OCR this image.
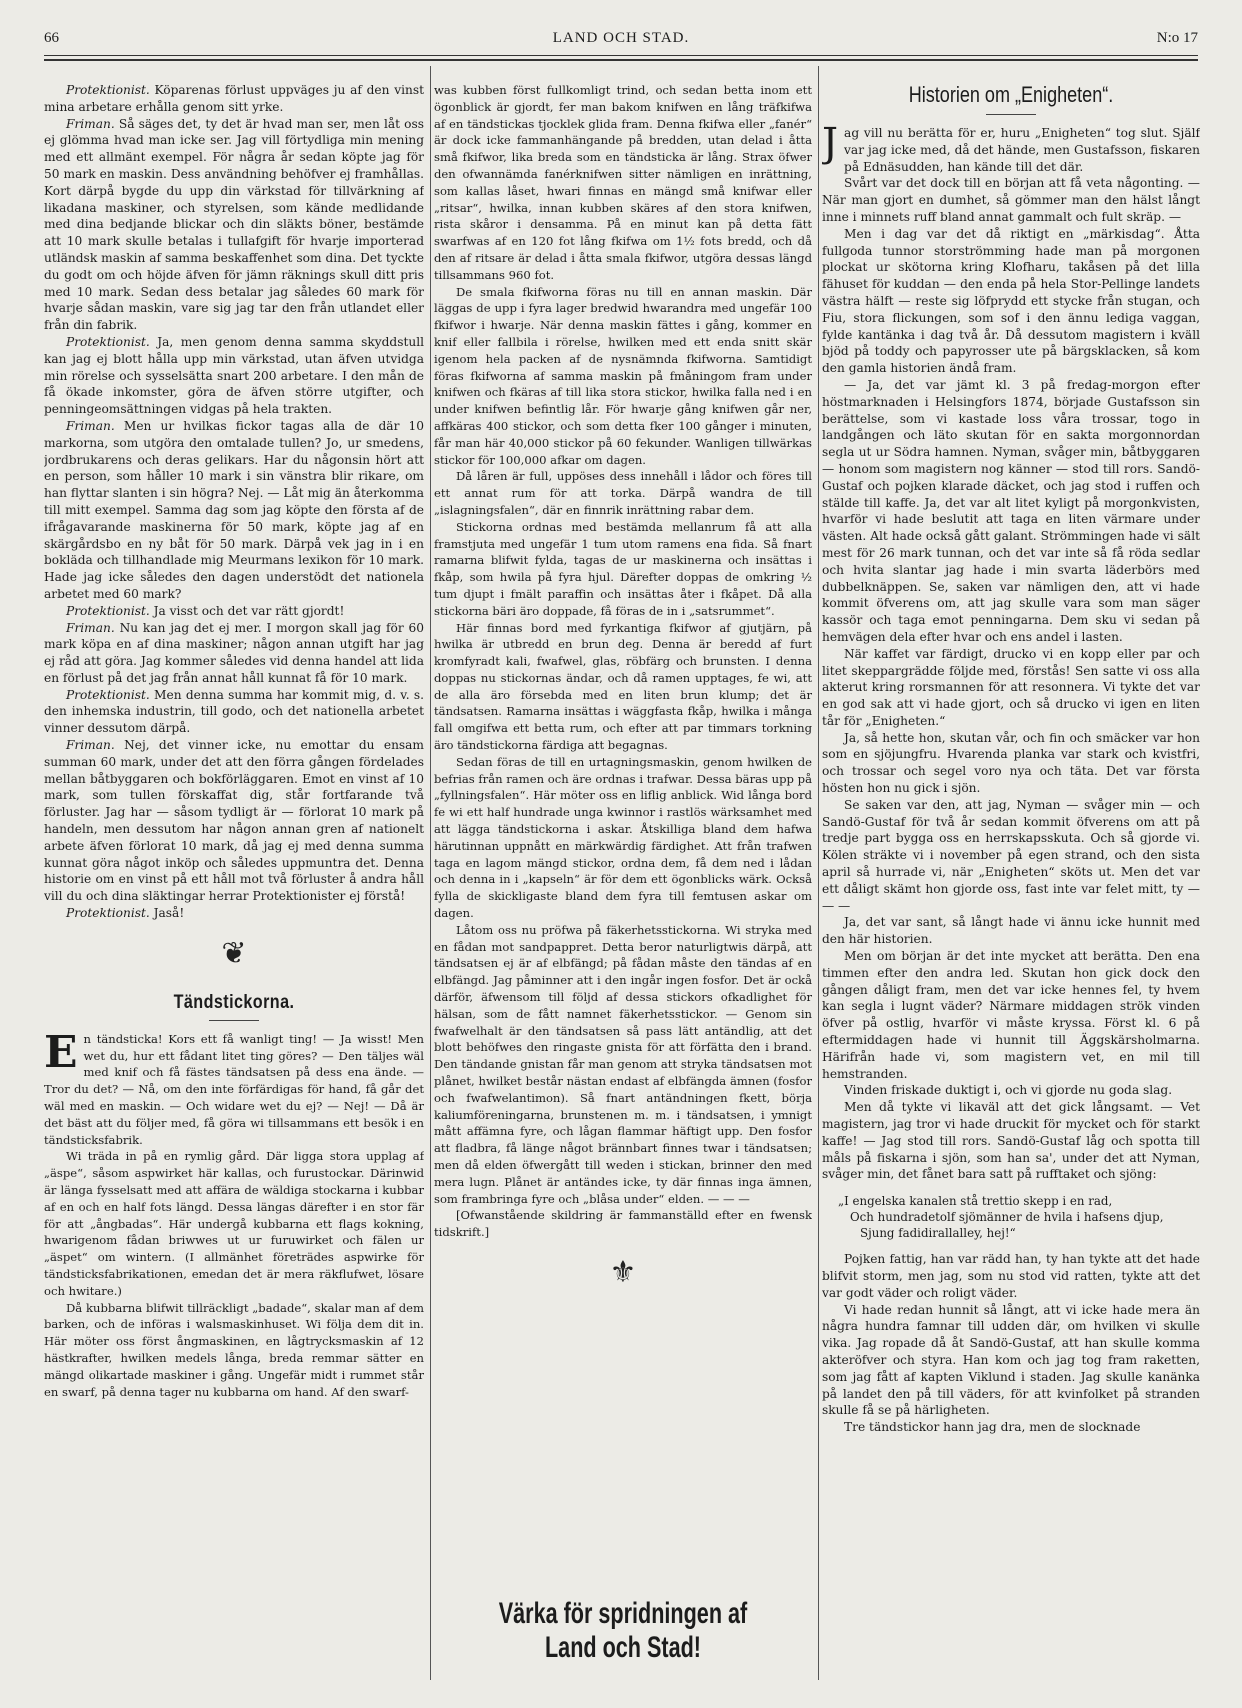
66	LAND OCH STAD.	N:o 17

Protektionist. Köparenas förlust uppväges ju af den vinst mina arbetare erhålla genom sitt yrke.

Friman. Så säges det, ty det är hvad man ser, men låt oss ej glömma hvad man icke ser. Jag vill förtydliga min mening med ett allmänt exempel. För några år sedan köpte jag för 50 mark en maskin. Dess användning behöfver ej framhållas. Kort därpå bygde du upp din värkstad för tillvärkning af likadana maskiner, och styrelsen, som kände medlidande med dina bedjande blickar och din släkts böner, bestämde att 10 mark skulle betalas i tullafgift för hvarje importerad utländsk maskin af samma beskaffenhet som dina. Det tyckte du godt om och höjde äfven för jämn räknings skull ditt pris med 10 mark. Sedan dess betalar jag således 60 mark för hvarje sådan maskin, vare sig jag tar den från utlandet eller från din fabrik.

Protektionist. Ja, men genom denna samma skyddstull kan jag ej blott hålla upp min värkstad, utan äfven utvidga min rörelse och sysselsätta snart 200 arbetare. I den mån de få ökade inkomster, göra de äfven större utgifter, och penningeomsättningen vidgas på hela trakten.

Friman. Men ur hvilkas fickor tagas alla de där 10 markorna, som utgöra den omtalade tullen? Jo, ur smedens, jordbrukarens och deras gelikars. Har du någonsin hört att en person, som håller 10 mark i sin vänstra blir rikare, om han flyttar slanten i sin högra? Nej. — Låt mig än återkomma till mitt exempel. Samma dag som jag köpte den första af de ifrågavarande maskinerna för 50 mark, köpte jag af en skärgårdsbo en ny båt för 50 mark. Därpå vek jag in i en bokläda och tillhandlade mig Meurmans lexikon för 10 mark. Hade jag icke således den dagen understödt det nationela arbetet med 60 mark?

Protektionist. Ja visst och det var rätt gjordt!

Friman. Nu kan jag det ej mer. I morgon skall jag för 60 mark köpa en af dina maskiner; någon annan utgift har jag ej råd att göra. Jag kommer således vid denna handel att lida en förlust på det jag från annat håll kunnat få för 10 mark.

Protektionist. Men denna summa har kommit mig, d. v. s. den inhemska industrin, till godo, och det nationella arbetet vinner dessutom därpå.

Friman. Nej, det vinner icke, nu emottar du ensam summan 60 mark, under det att den förra gången fördelades mellan båtbyggaren och bokförläggaren. Emot en vinst af 10 mark, som tullen förskaffat dig, står fortfarande två förluster. Jag har — såsom tydligt är — förlorat 10 mark på handeln, men dessutom har någon annan gren af nationelt arbete äfven förlorat 10 mark, då jag ej med denna summa kunnat göra något inköp och således uppmuntra det. Denna historie om en vinst på ett håll mot två förluster å andra håll vill du och dina släktingar herrar Protektionister ej förstå!

Protektionist. Jaså!

❦
Tändstickorna.

En tändsticka! Kors ett få wanligt ting! — Ja wisst! Men wet du, hur ett fådant litet ting göres? — Den täljes wäl med knif och få fästes tändsatsen på dess ena ände. — Tror du det? — Nå, om den inte förfärdigas för hand, få går det wäl med en maskin. — Och widare wet du ej? — Nej! — Då är det bäst att du följer med, få göra wi tillsammans ett besök i en tändsticksfabrik.

Wi träda in på en rymlig gård. Där ligga stora upplag af „äspe“, såsom aspwirket här kallas, och furustockar. Därinwid är länga fysselsatt med att affära de wäldiga stockarna i kubbar af en och en half fots längd. Dessa längas därefter i en stor fär för att „ångbadas“. Här undergå kubbarna ett flags kokning, hwarigenom fådan briwwes ut ur furuwirket och fälen ur „äspet“ om wintern. (I allmänhet företrädes aspwirke för tändsticksfabrikationen, emedan det är mera räkflufwet, lösare och hwitare.)

Då kubbarna blifwit tillräckligt „badade“, skalar man af dem barken, och de införas i walsmaskinhuset. Wi följa dem dit in. Här möter oss först ångmaskinen, en lågtrycksmaskin af 12 hästkrafter, hwilken medels långa, breda remmar sätter en mängd olikartade maskiner i gång. Ungefär midt i rummet står en swarf, på denna tager nu kubbarna om hand. Af den swarf-

was kubben först fullkomligt trind, och sedan betta inom ett ögonblick är gjordt, fer man bakom knifwen en lång träfkifwa af en tändstickas tjocklek glida fram. Denna fkifwa eller „fanér“ är dock icke fammanhängande på bredden, utan delad i åtta små fkifwor, lika breda som en tändsticka är lång. Strax öfwer den ofwannämda fanérknifwen sitter nämligen en inrättning, som kallas låset, hwari finnas en mängd små knifwar eller „ritsar“, hwilka, innan kubben skäres af den stora knifwen, rista skåror i densamma. På en minut kan på detta fätt swarfwas af en 120 fot lång fkifwa om 1½ fots bredd, och då den af ritsare är delad i åtta smala fkifwor, utgöra dessas längd tillsammans 960 fot.

De smala fkifworna föras nu till en annan maskin. Där läggas de upp i fyra lager bredwid hwarandra med ungefär 100 fkifwor i hwarje. När denna maskin fättes i gång, kommer en knif eller fallbila i rörelse, hwilken med ett enda snitt skär igenom hela packen af de nysnämnda fkifworna. Samtidigt föras fkifworna af samma maskin på fmåningom fram under knifwen och fkäras af till lika stora stickor, hwilka falla ned i en under knifwen befintlig lår. För hwarje gång knifwen går ner, affkäras 400 stickor, och som detta fker 100 gånger i minuten, får man här 40,000 stickor på 60 fekunder. Wanligen tillwärkas stickor för 100,000 afkar om dagen.

Då låren är full, uppöses dess innehåll i lådor och föres till ett annat rum för att torka. Därpå wandra de till „islagningsfalen“, där en finnrik inrättning rabar dem.

Stickorna ordnas med bestämda mellanrum få att alla framstjuta med ungefär 1 tum utom ramens ena fida. Så fnart ramarna blifwit fylda, tagas de ur maskinerna och insättas i fkåp, som hwila på fyra hjul. Därefter doppas de omkring ½ tum djupt i fmält paraffin och insättas åter i fkåpet. Då alla stickorna bäri äro doppade, få föras de in i „satsrummet“.

Här finnas bord med fyrkantiga fkifwor af gjutjärn, på hwilka är utbredd en brun deg. Denna är beredd af furt kromfyradt kali, fwafwel, glas, röbfärg och brunsten. I denna doppas nu stickornas ändar, och då ramen upptages, fe wi, att de alla äro försebda med en liten brun klump; det är tändsatsen. Ramarna insättas i wäggfasta fkåp, hwilka i många fall omgifwa ett betta rum, och efter att par timmars torkning äro tändstickorna färdiga att begagnas.

Sedan föras de till en urtagningsmaskin, genom hwilken de befrias från ramen och äre ordnas i trafwar. Dessa bäras upp på „fyllningsfalen“. Här möter oss en liflig anblick. Wid långa bord fe wi ett half hundrade unga kwinnor i rastlös wärksamhet med att lägga tändstickorna i askar. Åtskilliga bland dem hafwa härutinnan uppnått en märkwärdig färdighet. Att från trafwen taga en lagom mängd stickor, ordna dem, få dem ned i lådan och denna in i „kapseln“ är för dem ett ögonblicks wärk. Också fylla de skickligaste bland dem fyra till femtusen askar om dagen.

Låtom oss nu pröfwa på fäkerhetsstickorna. Wi stryka med en fådan mot sandpappret. Detta beror naturligtwis därpå, att tändsatsen ej är af elbfängd; på fådan måste den tändas af en elbfängd. Jag påminner att i den ingår ingen fosfor. Det är ockå därför, äfwensom till följd af dessa stickors ofkadlighet för hälsan, som de fått namnet fäkerhetsstickor. — Genom sin fwafwelhalt är den tändsatsen så pass lätt antändlig, att det blott behöfwes den ringaste gnista för att förfätta den i brand. Den tändande gnistan får man genom att stryka tändsatsen mot plånet, hwilket består nästan endast af elbfängda ämnen (fosfor och fwafwelantimon). Så fnart antändningen fkett, börja kaliumföreningarna, brunstenen m. m. i tändsatsen, i ymnigt mått affämna fyre, och lågan flammar häftigt upp. Den fosfor att fladbra, få länge något brännbart finnes twar i tändsatsen; men då elden öfwergått till weden i stickan, brinner den med mera lugn. Plånet är antändes icke, ty där finnas inga ämnen, som frambringa fyre och „blåsa under“ elden. — — —

[Ofwanstående skildring är fammanställd efter en fwensk tidskrift.]

⚜
Historien om „Enigheten“.

Jag vill nu berätta för er, huru „Enigheten“ tog slut. Själf var jag icke med, då det hände, men Gustafsson, fiskaren på Ednäsudden, han kände till det där.

Svårt var det dock till en början att få veta någonting. — När man gjort en dumhet, så gömmer man den hälst långt inne i minnets ruff bland annat gammalt och fult skräp. —

Men i dag var det då riktigt en „märkisdag“. Åtta fullgoda tunnor storströmming hade man på morgonen plockat ur skötorna kring Klofharu, takåsen på det lilla fähuset för kuddan — den enda på hela Stor-Pellinge landets västra hälft — reste sig löfprydd ett stycke från stugan, och Fiu, stora flickungen, som sof i den ännu lediga vaggan, fylde kantänka i dag två år. Då dessutom magistern i kväll bjöd på toddy och papyrosser ute på bärgsklacken, så kom den gamla historien ändå fram.

— Ja, det var jämt kl. 3 på fredag-morgon efter höstmarknaden i Helsingfors 1874, började Gustafsson sin berättelse, som vi kastade loss våra trossar, togo in landgången och läto skutan för en sakta morgonnordan segla ut ur Södra hamnen. Nyman, svåger min, båtbyggaren — honom som magistern nog känner — stod till rors. Sandö-Gustaf och pojken klarade däcket, och jag stod i ruffen och stälde till kaffe. Ja, det var alt litet kyligt på morgonkvisten, hvarför vi hade beslutit att taga en liten värmare under västen. Alt hade också gått galant. Strömmingen hade vi sält mest för 26 mark tunnan, och det var inte så få röda sedlar och hvita slantar jag hade i min svarta läderbörs med dubbelknäppen. Se, saken var nämligen den, att vi hade kommit öfverens om, att jag skulle vara som man säger kassör och taga emot penningarna. Dem sku vi sedan på hemvägen dela efter hvar och ens andel i lasten.

När kaffet var färdigt, drucko vi en kopp eller par och litet skeppargrädde följde med, förstås! Sen satte vi oss alla akterut kring rorsmannen för att resonnera. Vi tykte det var en god sak att vi hade gjort, och så drucko vi igen en liten tår för „Enigheten.“

Ja, så hette hon, skutan vår, och fin och smäcker var hon som en sjöjungfru. Hvarenda planka var stark och kvistfri, och trossar och segel voro nya och täta. Det var första hösten hon nu gick i sjön.

Se saken var den, att jag, Nyman — svåger min — och Sandö-Gustaf för två år sedan kommit öfverens om att på tredje part bygga oss en herrskapsskuta. Och så gjorde vi. Kölen sträkte vi i november på egen strand, och den sista april så hurrade vi, när „Enigheten“ sköts ut. Men det var ett dåligt skämt hon gjorde oss, fast inte var felet mitt, ty — — —

Ja, det var sant, så långt hade vi ännu icke hunnit med den här historien.

Men om början är det inte mycket att berätta. Den ena timmen efter den andra led. Skutan hon gick dock den gången dåligt fram, men det var icke hennes fel, ty hvem kan segla i lugnt väder? Närmare middagen strök vinden öfver på ostlig, hvarför vi måste kryssa. Först kl. 6 på eftermiddagen hade vi hunnit till Äggskärsholmarna. Härifrån hade vi, som magistern vet, en mil till hemstranden.

Vinden friskade duktigt i, och vi gjorde nu goda slag.

Men då tykte vi likaväl att det gick långsamt. — Vet magistern, jag tror vi hade druckit för mycket och för starkt kaffe! — Jag stod till rors. Sandö-Gustaf låg och spotta till måls på fiskarna i sjön, som han sa', under det att Nyman, svåger min, det fånet bara satt på rufftaket och sjöng:

„I engelska kanalen stå trettio skepp i en rad,
Och hundradetolf sjömänner de hvila i hafsens djup,
Sjung fadidirallalley, hej!“

Pojken fattig, han var rädd han, ty han tykte att det hade blifvit storm, men jag, som nu stod vid ratten, tykte att det var godt väder och roligt väder.

Vi hade redan hunnit så långt, att vi icke hade mera än några hundra famnar till udden där, om hvilken vi skulle vika. Jag ropade då åt Sandö-Gustaf, att han skulle komma akteröfver och styra. Han kom och jag tog fram raketten, som jag fått af kapten Viklund i staden. Jag skulle kanänka på landet den på till väders, för att kvinfolket på stranden skulle få se på härligheten.

Tre tändstickor hann jag dra, men de slocknade

Värka för spridningen af Land och Stad!
